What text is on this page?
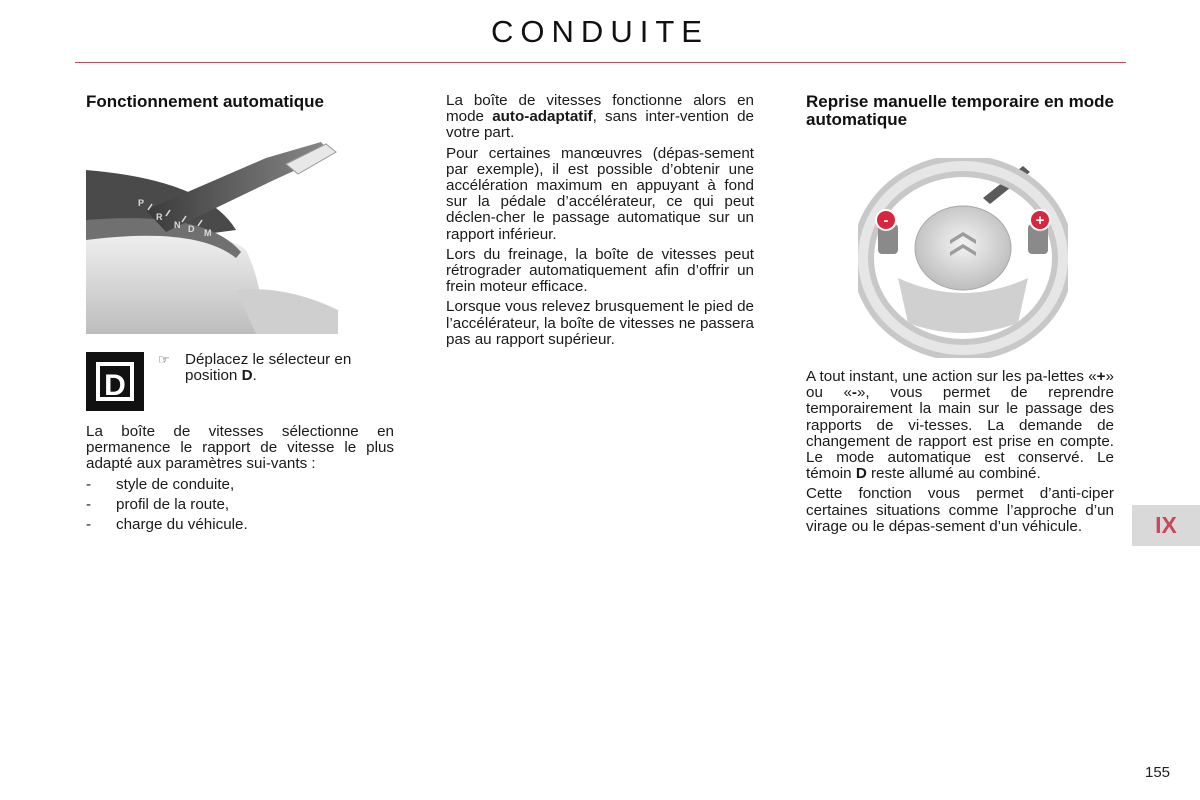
CONDUITE
Fonctionnement automatique
P
R
N D M
D
☞ Déplacez le sélecteur en position D.

La boîte de vitesses sélectionne en permanence le rapport de vitesse le plus adapté aux paramètres sui-vants :

-	style de conduite,
-	profil de la route,
-	charge du véhicule.

La boîte de vitesses fonctionne alors en mode auto-adaptatif, sans inter-vention de votre part.

Pour certaines manœuvres (dépas-sement par exemple), il est possible d’obtenir une accélération maximum en appuyant à fond sur la pédale d’accélérateur, ce qui peut déclen-cher le passage automatique sur un rapport inférieur.

Lors du freinage, la boîte de vitesses peut rétrograder automatiquement afin d’offrir un frein moteur efficace.

Lorsque vous relevez brusquement le pied de l’accélérateur, la boîte de vitesses ne passera pas au rapport supérieur.

Reprise manuelle temporaire en mode automatique
-	+

A tout instant, une action sur les pa-lettes «+» ou «-», vous permet de reprendre temporairement la main sur le passage des rapports de vi-tesses. La demande de changement de rapport est prise en compte. Le mode automatique est conservé. Le témoin D reste allumé au combiné.

Cette fonction vous permet d’anti-ciper certaines situations comme l’approche d’un virage ou le dépas-sement d’un véhicule.	IX
155
